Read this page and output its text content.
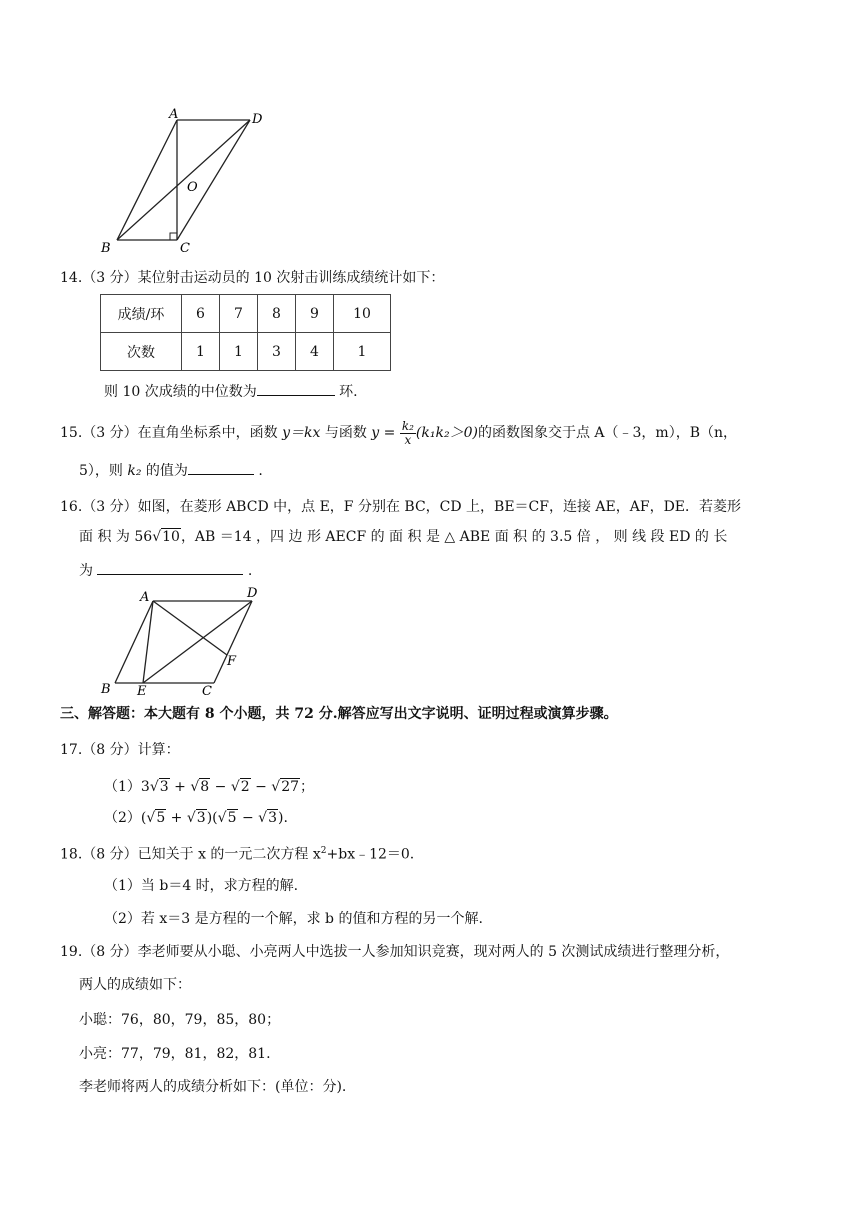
A	D
O
B	C
14.（3 分）某位射击运动员的 10 次射击训练成绩统计如下：
成绩/环	6	7	8	9	10
次数	1	1	3	4	1
则 10 次成绩的中位数为	环.
15.（3 分）在直角坐标系中，函数 y＝kx 与函数 $y = \frac{\text{k₂}}{x} (k_1k_2>0)$的函数图象交于点 A（﹣3，m），B（n，
5），则 k₂ 的值为	.
16.（3 分）如图，在菱形 ABCD 中，点 E，F 分别在 BC，CD 上，BE＝CF，连接 AE，AF，DE．若菱形
面 积 为 56√10，AB ＝14 ，四 边 形 AECF 的 面 积 是 △ ABE 面 积 的 3.5 倍 ， 则 线 段 ED 的 长
为	.
A	D
F
B E	C
三、解答题：本大题有 8 个小题，共 72 分.解答应写出文字说明、证明过程或演算步骤。
17.（8 分）计算：
（1）3√3 + √8 − √2 − √27；
（2）(√5 + √3)(√5 − √3).
18.（8 分）已知关于 x 的一元二次方程 $x^2+bx﹣12=0$.
（1）当 b＝4 时，求方程的解.
（2）若 x＝3 是方程的一个解，求 b 的值和方程的另一个解.
19.（8 分）李老师要从小聪、小亮两人中选拔一人参加知识竞赛，现对两人的 5 次测试成绩进行整理分析，
两人的成绩如下：
小聪：76，80，79，85，80；
小亮：77，79，81，82，81.
李老师将两人的成绩分析如下：(单位：分).
